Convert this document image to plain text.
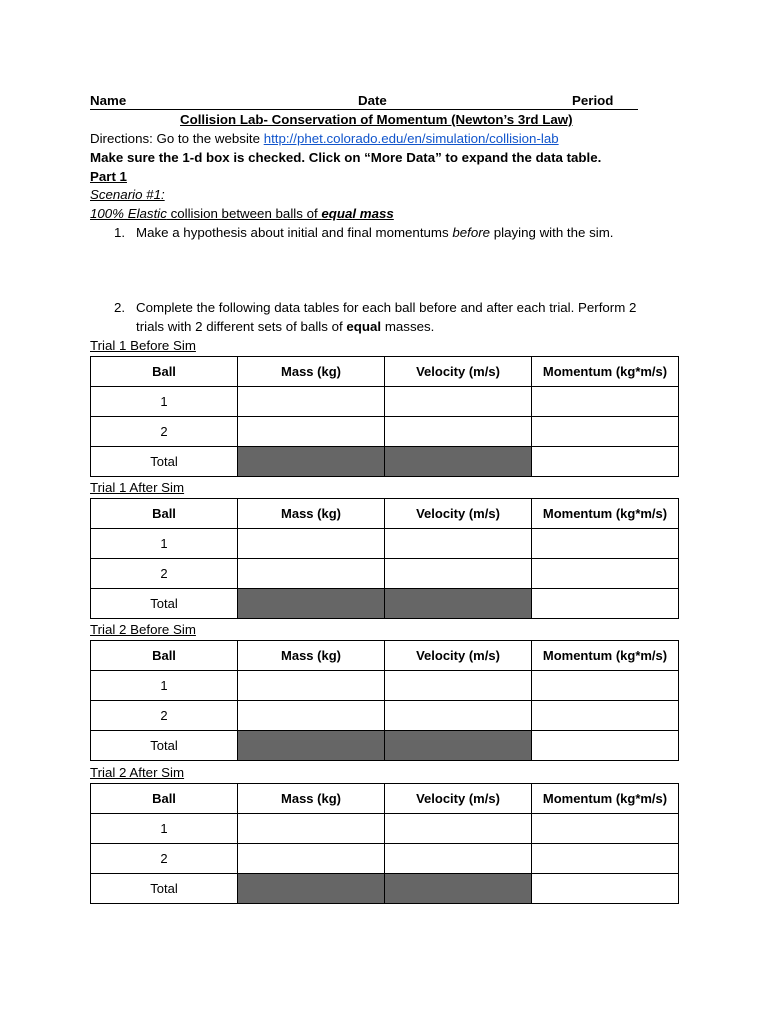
Name	Date	Period
Collision Lab- Conservation of Momentum (Newton’s 3rd Law)
Directions: Go to the website http://phet.colorado.edu/en/simulation/collision-lab
Make sure the 1-d box is checked. Click on “More Data” to expand the data table.
Part 1
Scenario #1:
100% Elastic collision between balls of equal mass
1. Make a hypothesis about initial and final momentums before playing with the sim.
2. Complete the following data tables for each ball before and after each trial. Perform 2
trials with 2 different sets of balls of equal masses.
Trial 1 Before Sim
Ball	Mass (kg)	Velocity (m/s)	Momentum (kg*m/s)
1			
2			
Total			
Trial 1 After Sim
Ball	Mass (kg)	Velocity (m/s)	Momentum (kg*m/s)
1			
2			
Total			
Trial 2 Before Sim
Ball	Mass (kg)	Velocity (m/s)	Momentum (kg*m/s)
1			
2			
Total			
Trial 2 After Sim
Ball	Mass (kg)	Velocity (m/s)	Momentum (kg*m/s)
1			
2			
Total			
